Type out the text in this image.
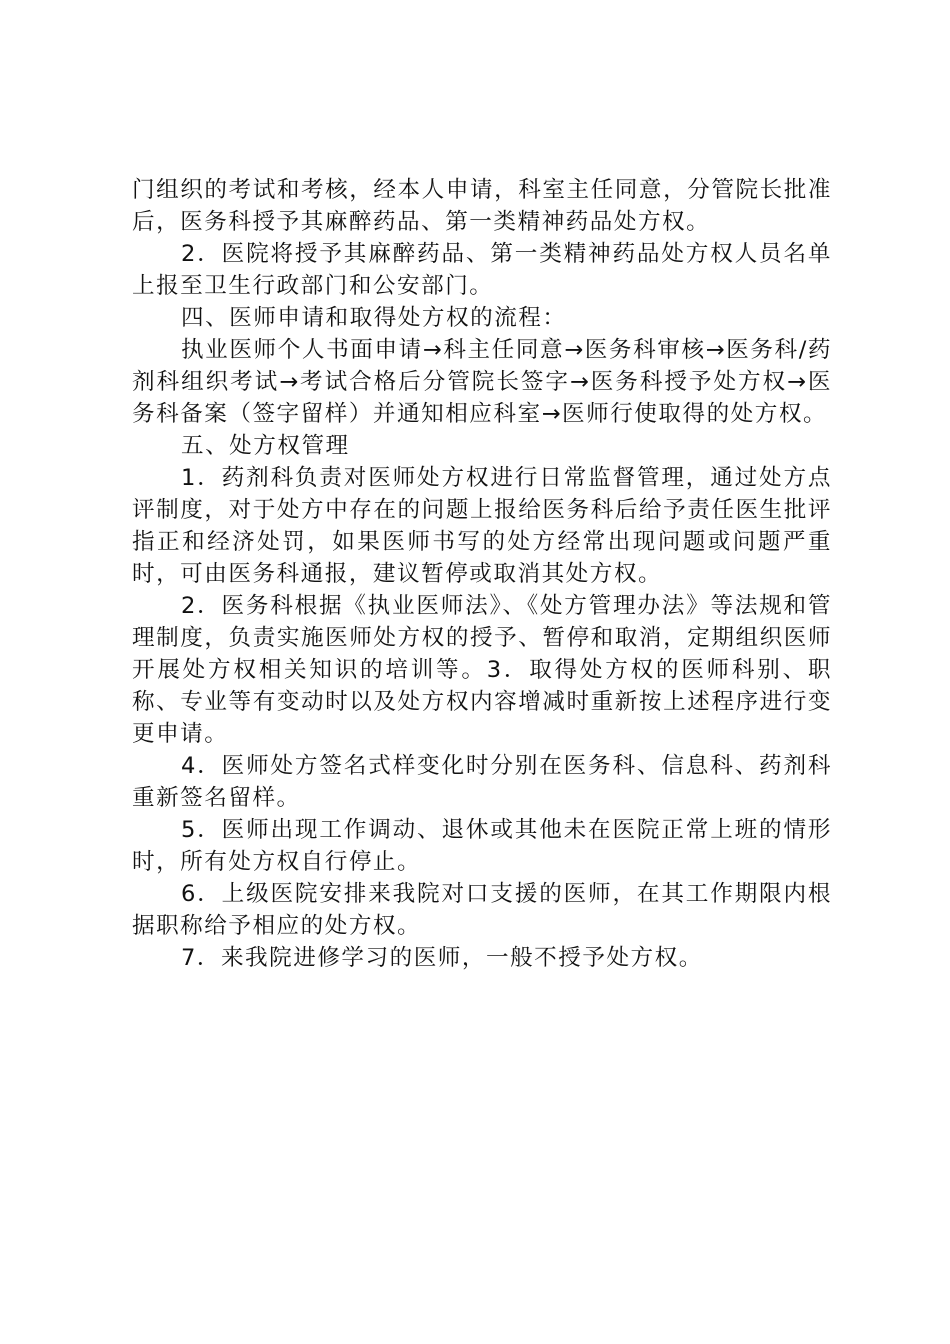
门组织的考试和考核，经本人申请，科室主任同意，分管院长批准后，医务科授予其麻醉药品、第一类精神药品处方权。

2．医院将授予其麻醉药品、第一类精神药品处方权人员名单上报至卫生行政部门和公安部门。

四、医师申请和取得处方权的流程：

执业医师个人书面申请→科主任同意→医务科审核→医务科/药剂科组织考试→考试合格后分管院长签字→医务科授予处方权→医务科备案（签字留样）并通知相应科室→医师行使取得的处方权。

五、处方权管理

1．药剂科负责对医师处方权进行日常监督管理，通过处方点评制度，对于处方中存在的问题上报给医务科后给予责任医生批评指正和经济处罚，如果医师书写的处方经常出现问题或问题严重时，可由医务科通报，建议暂停或取消其处方权。

2．医务科根据《执业医师法》、《处方管理办法》等法规和管理制度，负责实施医师处方权的授予、暂停和取消，定期组织医师开展处方权相关知识的培训等。3．取得处方权的医师科别、职称、专业等有变动时以及处方权内容增减时重新按上述程序进行变更申请。

4．医师处方签名式样变化时分别在医务科、信息科、药剂科重新签名留样。

5．医师出现工作调动、退休或其他未在医院正常上班的情形时，所有处方权自行停止。

6．上级医院安排来我院对口支援的医师，在其工作期限内根据职称给予相应的处方权。

7．来我院进修学习的医师，一般不授予处方权。
